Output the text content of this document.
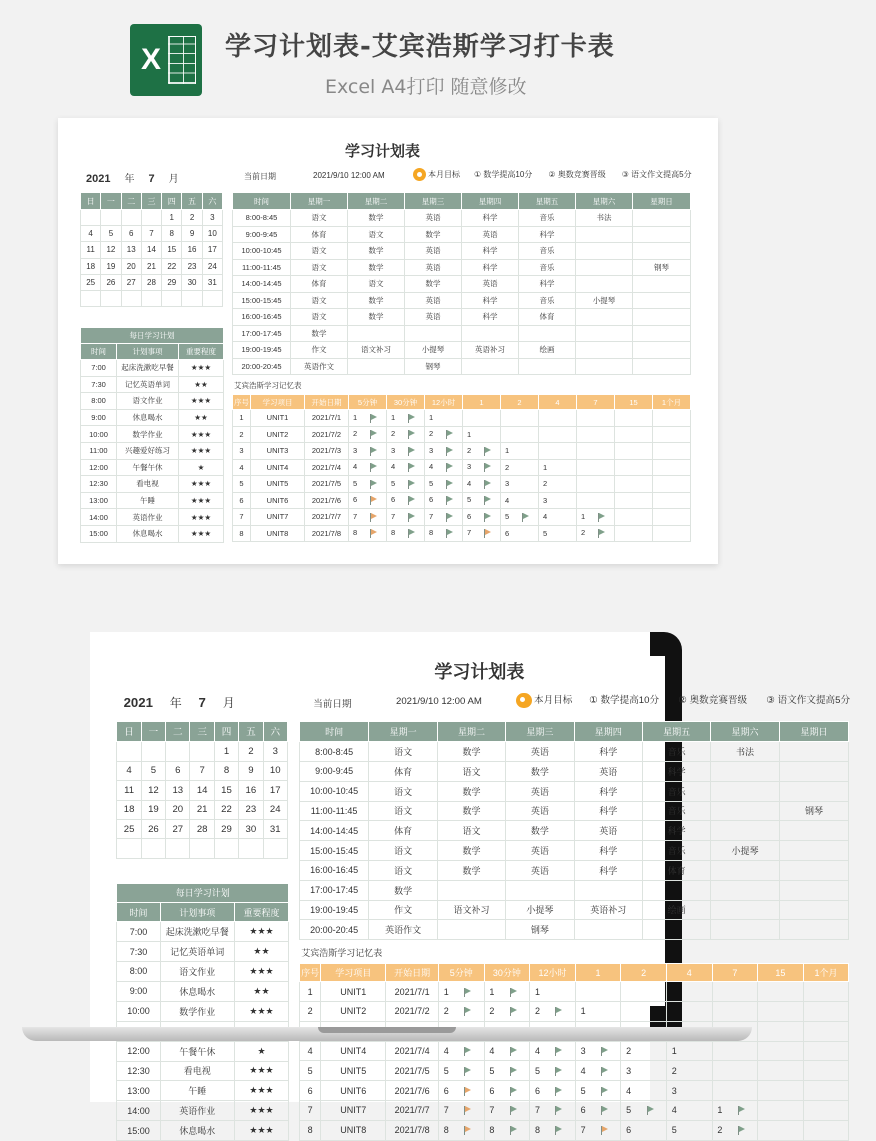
X 学习计划表-艾宾浩斯学习打卡表
Excel A4打印 随意修改
学习计划表
2021 年 7 月	当前日期	2021/9/10 12:00 AM	本月目标 ① 数学提高10分 ② 奥数竞赛晋级 ③ 语文作文提高5分
日	一	二	三	四	五	六
				1	2	3
4	5	6	7	8	9	10
11	12	13	14	15	16	17
18	19	20	21	22	23	24
25	26	27	28	29	30	31

每日学习计划		
时间	计划事项	重要程度
7:00	起床洗漱吃早餐	★★★
7:30	记忆英语单词	★★
8:00	语文作业	★★★
9:00	休息喝水	★★
10:00	数学作业	★★★
11:00	兴趣爱好练习	★★★
12:00	午餐午休	★
12:30	看电视	★★★
13:00	午睡	★★★
14:00	英语作业	★★★
15:00	休息喝水	★★★
时间	星期一	星期二	星期三	星期四	星期五	星期六	星期日
8:00-8:45	语文	数学	英语	科学	音乐	书法	
9:00-9:45	体育	语文	数学	英语	科学		
10:00-10:45	语文	数学	英语	科学	音乐		
11:00-11:45	语文	数学	英语	科学	音乐		钢琴
14:00-14:45	体育	语文	数学	英语	科学		
15:00-15:45	语文	数学	英语	科学	音乐	小提琴	
16:00-16:45	语文	数学	英语	科学	体育		
17:00-17:45	数学						
19:00-19:45	作文	语文补习	小提琴	英语补习	绘画		
20:00-20:45	英语作文		钢琴				
艾宾浩斯学习记忆表
序号	学习项目	开始日期	5分钟	30分钟	12小时	1	2	4	7	15	1个月
1	UNIT1	2021/7/1	1	1	1						
2	UNIT2	2021/7/2	2	2	2	1					
3	UNIT3	2021/7/3	3	3	3	2	1				
4	UNIT4	2021/7/4	4	4	4	3	2	1			
5	UNIT5	2021/7/5	5	5	5	4	3	2			
6	UNIT6	2021/7/6	6	6	6	5	4	3			
7	UNIT7	2021/7/7	7	7	7	6	5	4	1		
8	UNIT8	2021/7/8	8	8	8	7	6	5	2		
学习计划表
2021 年 7 月	当前日期	2021/9/10 12:00 AM	本月目标 ① 数学提高10分 ② 奥数竞赛晋级 ③ 语文作文提高5分
日	一	二	三	四	五	六
				1	2	3
4	5	6	7	8	9	10
11	12	13	14	15	16	17
18	19	20	21	22	23	24
25	26	27	28	29	30	31

每日学习计划		
时间	计划事项	重要程度
7:00	起床洗漱吃早餐	★★★
7:30	记忆英语单词	★★
8:00	语文作业	★★★
9:00	休息喝水	★★
10:00	数学作业	★★★

12:00	午餐午休	★
12:30	看电视	★★★
13:00	午睡	★★★
14:00	英语作业	★★★
15:00	休息喝水	★★★
时间	星期一	星期二	星期三	星期四	星期五	星期六	星期日
8:00-8:45	语文	数学	英语	科学	音乐	书法	
9:00-9:45	体育	语文	数学	英语	科学		
10:00-10:45	语文	数学	英语	科学	音乐		
11:00-11:45	语文	数学	英语	科学	音乐		钢琴
14:00-14:45	体育	语文	数学	英语	科学		
15:00-15:45	语文	数学	英语	科学	音乐	小提琴	
16:00-16:45	语文	数学	英语	科学	体育		
17:00-17:45	数学						
19:00-19:45	作文	语文补习	小提琴	英语补习	绘画		
20:00-20:45	英语作文		钢琴				
艾宾浩斯学习记忆表
序号	学习项目	开始日期	5分钟	30分钟	12小时	1	2	4	7	15	1个月
1	UNIT1	2021/7/1	1	1	1						
2	UNIT2	2021/7/2	2	2	2	1					

4	UNIT4	2021/7/4	4	4	4	3	2	1			
5	UNIT5	2021/7/5	5	5	5	4	3	2			
6	UNIT6	2021/7/6	6	6	6	5	4	3			
7	UNIT7	2021/7/7	7	7	7	6	5	4	1		
8	UNIT8	2021/7/8	8	8	8	7	6	5	2		
